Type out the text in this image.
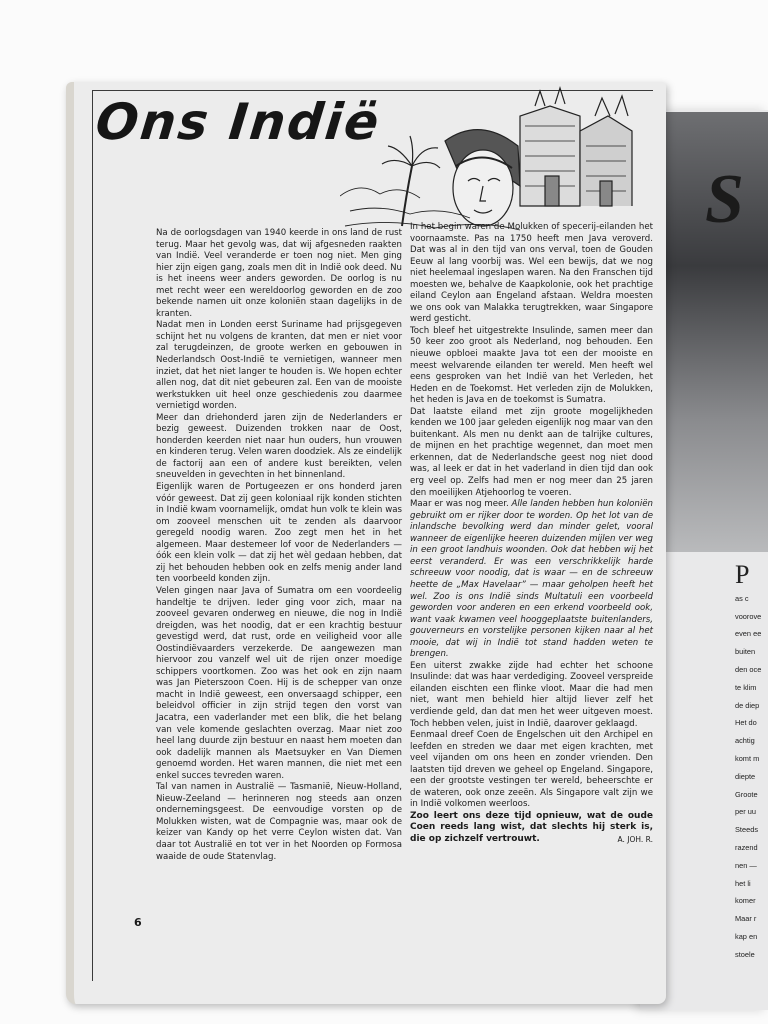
S
P
as c
voorove
even ee
buiten
den oce
te klim
de diep
Het do
achtig
komt m
diepte
Groote
per uu
Steeds
razend
nen —
het li
komer
Maar r
kap en
stoele
Ons Indië

Na de oorlogsdagen van 1940 keerde in ons land de rust terug. Maar het gevolg was, dat wij afgesneden raakten van Indië. Veel veranderde er toen nog niet. Men ging hier zijn eigen gang, zoals men dit in Indië ook deed. Nu is het ineens weer anders geworden. De oorlog is nu met recht weer een wereldoorlog geworden en de zoo bekende namen uit onze koloniën staan dagelijks in de kranten.

Nadat men in Londen eerst Suriname had prijsgegeven schijnt het nu volgens de kranten, dat men er niet voor zal terugdeinzen, de groote werken en gebouwen in Nederlandsch Oost-Indië te vernietigen, wanneer men inziet, dat het niet langer te houden is. We hopen echter allen nog, dat dit niet gebeuren zal. Een van de mooiste werkstukken uit heel onze geschiedenis zou daarmee vernietigd worden.

Meer dan driehonderd jaren zijn de Nederlanders er bezig geweest. Duizenden trokken naar de Oost, honderden keerden niet naar hun ouders, hun vrouwen en kinderen terug. Velen waren doodziek. Als ze eindelijk de factorij aan een of andere kust bereikten, velen sneuvelden in gevechten in het binnenland.

Eigenlijk waren de Portugeezen er ons honderd jaren vóór geweest. Dat zij geen koloniaal rijk konden stichten in Indië kwam voornamelijk, omdat hun volk te klein was om zooveel menschen uit te zenden als daarvoor geregeld noodig waren. Zoo zegt men het in het algemeen. Maar destemeer lof voor de Nederlanders — óók een klein volk — dat zij het wèl gedaan hebben, dat zij het behouden hebben ook en zelfs menig ander land ten voorbeeld konden zijn.

Velen gingen naar Java of Sumatra om een voordeelig handeltje te drijven. Ieder ging voor zich, maar na zooveel gevaren onderweg en nieuwe, die nog in Indië dreigden, was het noodig, dat er een krachtig bestuur gevestigd werd, dat rust, orde en veiligheid voor alle Oostindiëvaarders verzekerde. De aangewezen man hiervoor zou vanzelf wel uit de rijen onzer moedige schippers voortkomen. Zoo was het ook en zijn naam was Jan Pieterszoon Coen. Hij is de schepper van onze macht in Indië geweest, een onversaagd schipper, een beleidvol officier in zijn strijd tegen den vorst van Jacatra, een vaderlander met een blik, die het belang van vele komende geslachten overzag. Maar niet zoo heel lang duurde zijn bestuur en naast hem moeten dan ook dadelijk mannen als Maetsuyker en Van Diemen genoemd worden. Het waren mannen, die niet met een enkel succes tevreden waren.

Tal van namen in Australië — Tasmanië, Nieuw-Holland, Nieuw-Zeeland — herinneren nog steeds aan onzen ondernemingsgeest. De eenvoudige vorsten op de Molukken wisten, wat de Compagnie was, maar ook de keizer van Kandy op het verre Ceylon wisten dat. Van daar tot Australië en tot ver in het Noorden op Formosa waaide de oude Statenvlag.

In het begin waren de Molukken of specerij-eilanden het voornaamste. Pas na 1750 heeft men Java veroverd. Dat was al in den tijd van ons verval, toen de Gouden Eeuw al lang voorbij was. Wel een bewijs, dat we nog niet heelemaal ingeslapen waren. Na den Franschen tijd moesten we, behalve de Kaapkolonie, ook het prachtige eiland Ceylon aan Engeland afstaan. Weldra moesten we ons ook van Malakka terugtrekken, waar Singapore werd gesticht.

Toch bleef het uitgestrekte Insulinde, samen meer dan 50 keer zoo groot als Nederland, nog behouden. Een nieuwe opbloei maakte Java tot een der mooiste en meest welvarende eilanden ter wereld. Men heeft wel eens gesproken van het Indië van het Verleden, het Heden en de Toekomst. Het verleden zijn de Molukken, het heden is Java en de toekomst is Sumatra.

Dat laatste eiland met zijn groote mogelijkheden kenden we 100 jaar geleden eigenlijk nog maar van den buitenkant. Als men nu denkt aan de talrijke cultures, de mijnen en het prachtige wegennet, dan moet men erkennen, dat de Nederlandsche geest nog niet dood was, al leek er dat in het vaderland in dien tijd dan ook erg veel op. Zelfs had men er nog meer dan 25 jaren den moeilijken Atjehoorlog te voeren.

Maar er was nog meer. Alle landen hebben hun koloniën gebruikt om er rijker door te worden. Op het lot van de inlandsche bevolking werd dan minder gelet, vooral wanneer de eigenlijke heeren duizenden mijlen ver weg in een groot landhuis woonden. Ook dat hebben wij het eerst veranderd. Er was een verschrikkelijk harde schreeuw voor noodig, dat is waar — en de schreeuw heette de „Max Havelaar” — maar geholpen heeft het wel. Zoo is ons Indië sinds Multatuli een voorbeeld geworden voor anderen en een erkend voorbeeld ook, want vaak kwamen veel hooggeplaatste buitenlanders, gouverneurs en vorstelijke personen kijken naar al het mooie, dat wij in Indië tot stand hadden weten te brengen.

Een uiterst zwakke zijde had echter het schoone Insulinde: dat was haar verdediging. Zooveel verspreide eilanden eischten een flinke vloot. Maar die had men niet, want men behield hier altijd liever zelf het verdiende geld, dan dat men het weer uitgeven moest. Toch hebben velen, juist in Indië, daarover geklaagd.

Eenmaal dreef Coen de Engelschen uit den Archipel en leefden en streden we daar met eigen krachten, met veel vijanden om ons heen en zonder vrienden. Den laatsten tijd dreven we geheel op Engeland. Singapore, een der grootste vestingen ter wereld, beheerschte er de wateren, ook onze zeeën. Als Singapore valt zijn we in Indië volkomen weerloos.

Zoo leert ons deze tijd opnieuw, wat de oude Coen reeds lang wist, dat slechts hij sterk is, die op zichzelf vertrouwt.	A. JOH. R.

6
